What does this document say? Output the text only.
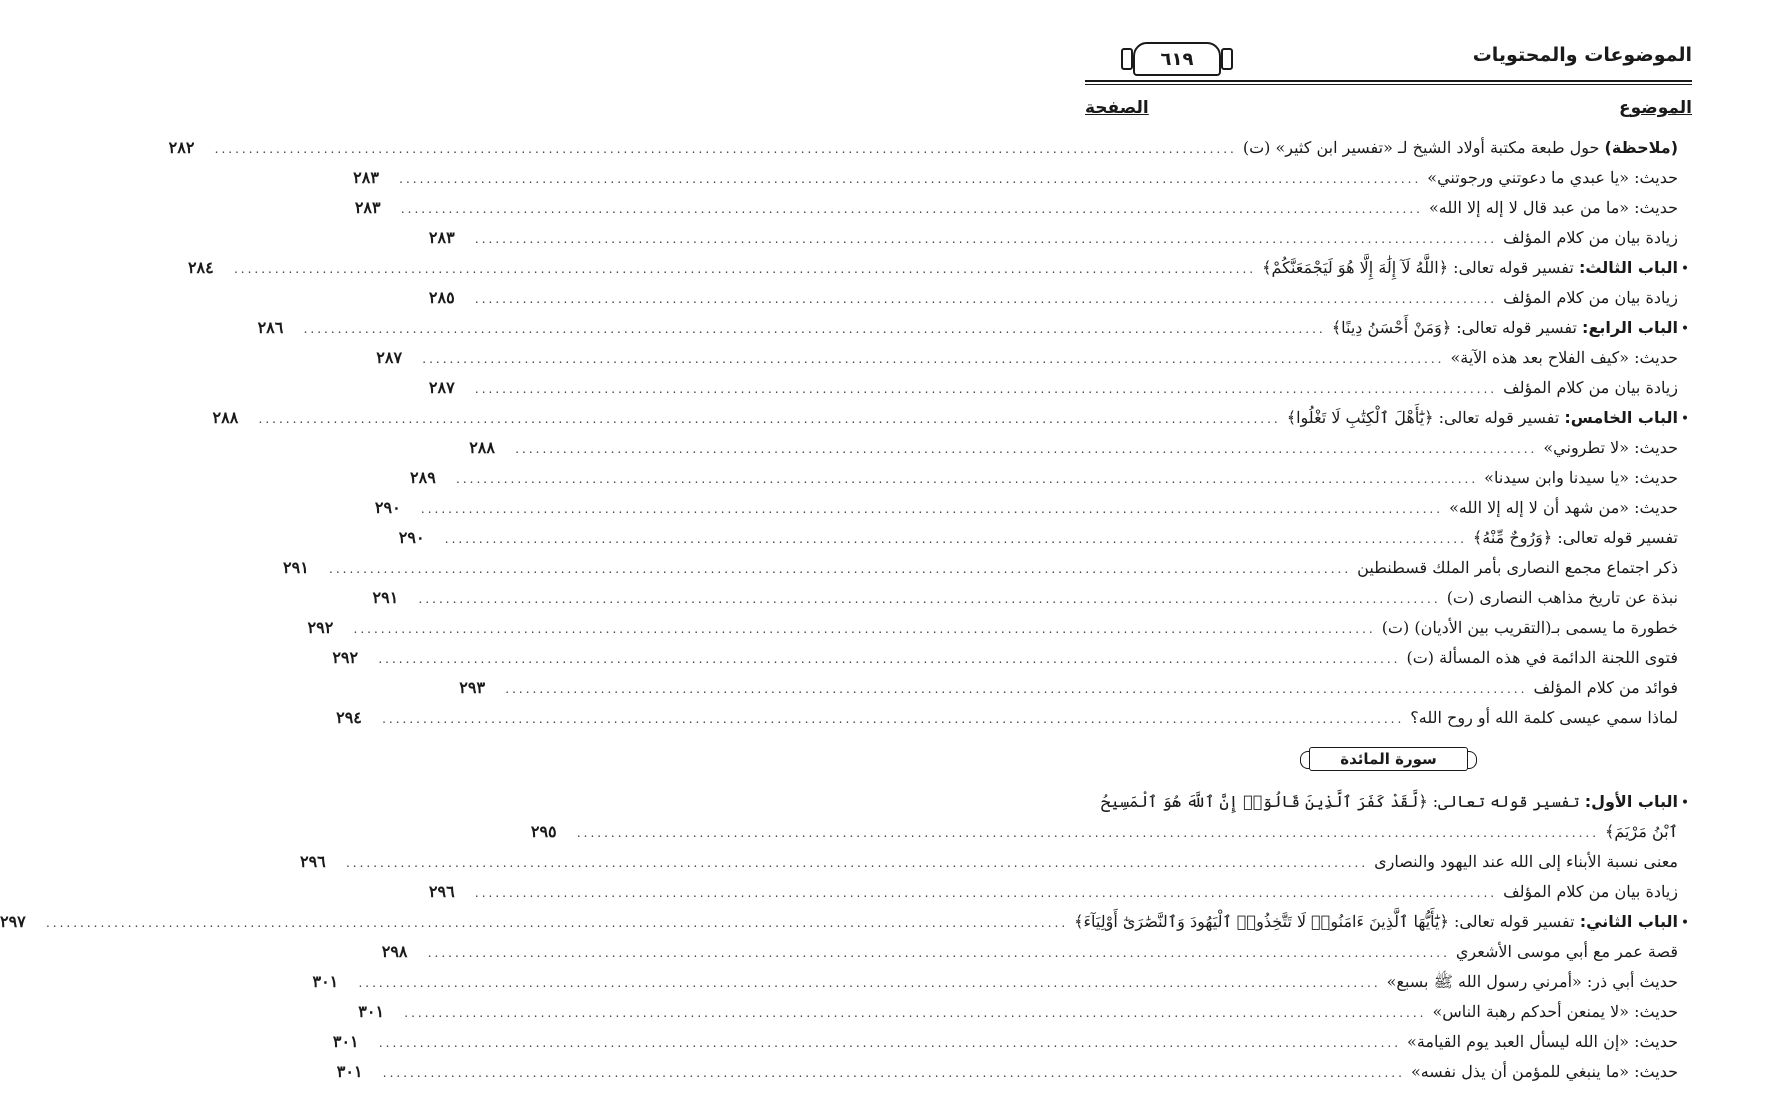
الموضوعات والمحتويات
٦١٩
الموضوع
الصفحة
(ملاحظة) حول طبعة مكتبة أولاد الشيخ لـ «تفسير ابن كثير» (ت)
.....
٢٨٢
حديث: «يا عبدي ما دعوتني ورجوتني»
.....
٢٨٣
حديث: «ما من عبد قال لا إله إلا الله»
.....
٢٨٣
زيادة بيان من كلام المؤلف
.....
٢٨٣
•
الباب الثالث: تفسير قوله تعالى: ﴿اللَّهُ لَآ إِلَٰهَ إِلَّا هُوَ لَيَجْمَعَنَّكُمْ﴾
.....
٢٨٤
زيادة بيان من كلام المؤلف
.....
٢٨٥
•
الباب الرابع: تفسير قوله تعالى: ﴿وَمَنْ أَحْسَنُ دِينًا﴾
.....
٢٨٦
حديث: «كيف الفلاح بعد هذه الآية»
.....
٢٨٧
زيادة بيان من كلام المؤلف
.....
٢٨٧
•
الباب الخامس: تفسير قوله تعالى: ﴿يَٰٓأَهْلَ ٱلْكِتَٰبِ لَا تَغْلُوا﴾
.....
٢٨٨
حديث: «لا تطروني»
.....
٢٨٨
حديث: «يا سيدنا وابن سيدنا»
.....
٢٨٩
حديث: «من شهد أن لا إله إلا الله»
.....
٢٩٠
تفسير قوله تعالى: ﴿وَرُوحٌ مِّنْهُ﴾
.....
٢٩٠
ذكر اجتماع مجمع النصارى بأمر الملك قسطنطين
.....
٢٩١
نبذة عن تاريخ مذاهب النصارى (ت)
.....
٢٩١
خطورة ما يسمى بـ(التقريب بين الأديان) (ت)
.....
٢٩٢
فتوى اللجنة الدائمة في هذه المسألة (ت)
.....
٢٩٢
فوائد من كلام المؤلف
.....
٢٩٣
لماذا سمي عيسى كلمة الله أو روح الله؟
.....
٢٩٤
سورة المائدة
•
الباب الأول: تفسير قوله تعالى: ﴿لَّقَدْ كَفَرَ ٱلَّذِينَ قَالُوٓا۟ إِنَّ ٱللَّهَ هُوَ ٱلْمَسِيحُ
ٱبْنُ مَرْيَمَ﴾
.....
٢٩٥
معنى نسبة الأبناء إلى الله عند اليهود والنصارى
.....
٢٩٦
زيادة بيان من كلام المؤلف
.....
٢٩٦
•
الباب الثاني: تفسير قوله تعالى: ﴿يَٰٓأَيُّهَا ٱلَّذِينَ ءَامَنُوا۟ لَا تَتَّخِذُوا۟ ٱلْيَهُودَ وَٱلنَّصَٰرَىٰٓ أَوْلِيَآءَ﴾
.....
٢٩٧
قصة عمر مع أبي موسى الأشعري
.....
٢٩٨
حديث أبي ذر: «أمرني رسول الله ﷺ بسبع»
.....
٣٠١
حديث: «لا يمنعن أحدكم رهبة الناس»
.....
٣٠١
حديث: «إن الله ليسأل العبد يوم القيامة»
.....
٣٠١
حديث: «ما ينبغي للمؤمن أن يذل نفسه»
.....
٣٠١
